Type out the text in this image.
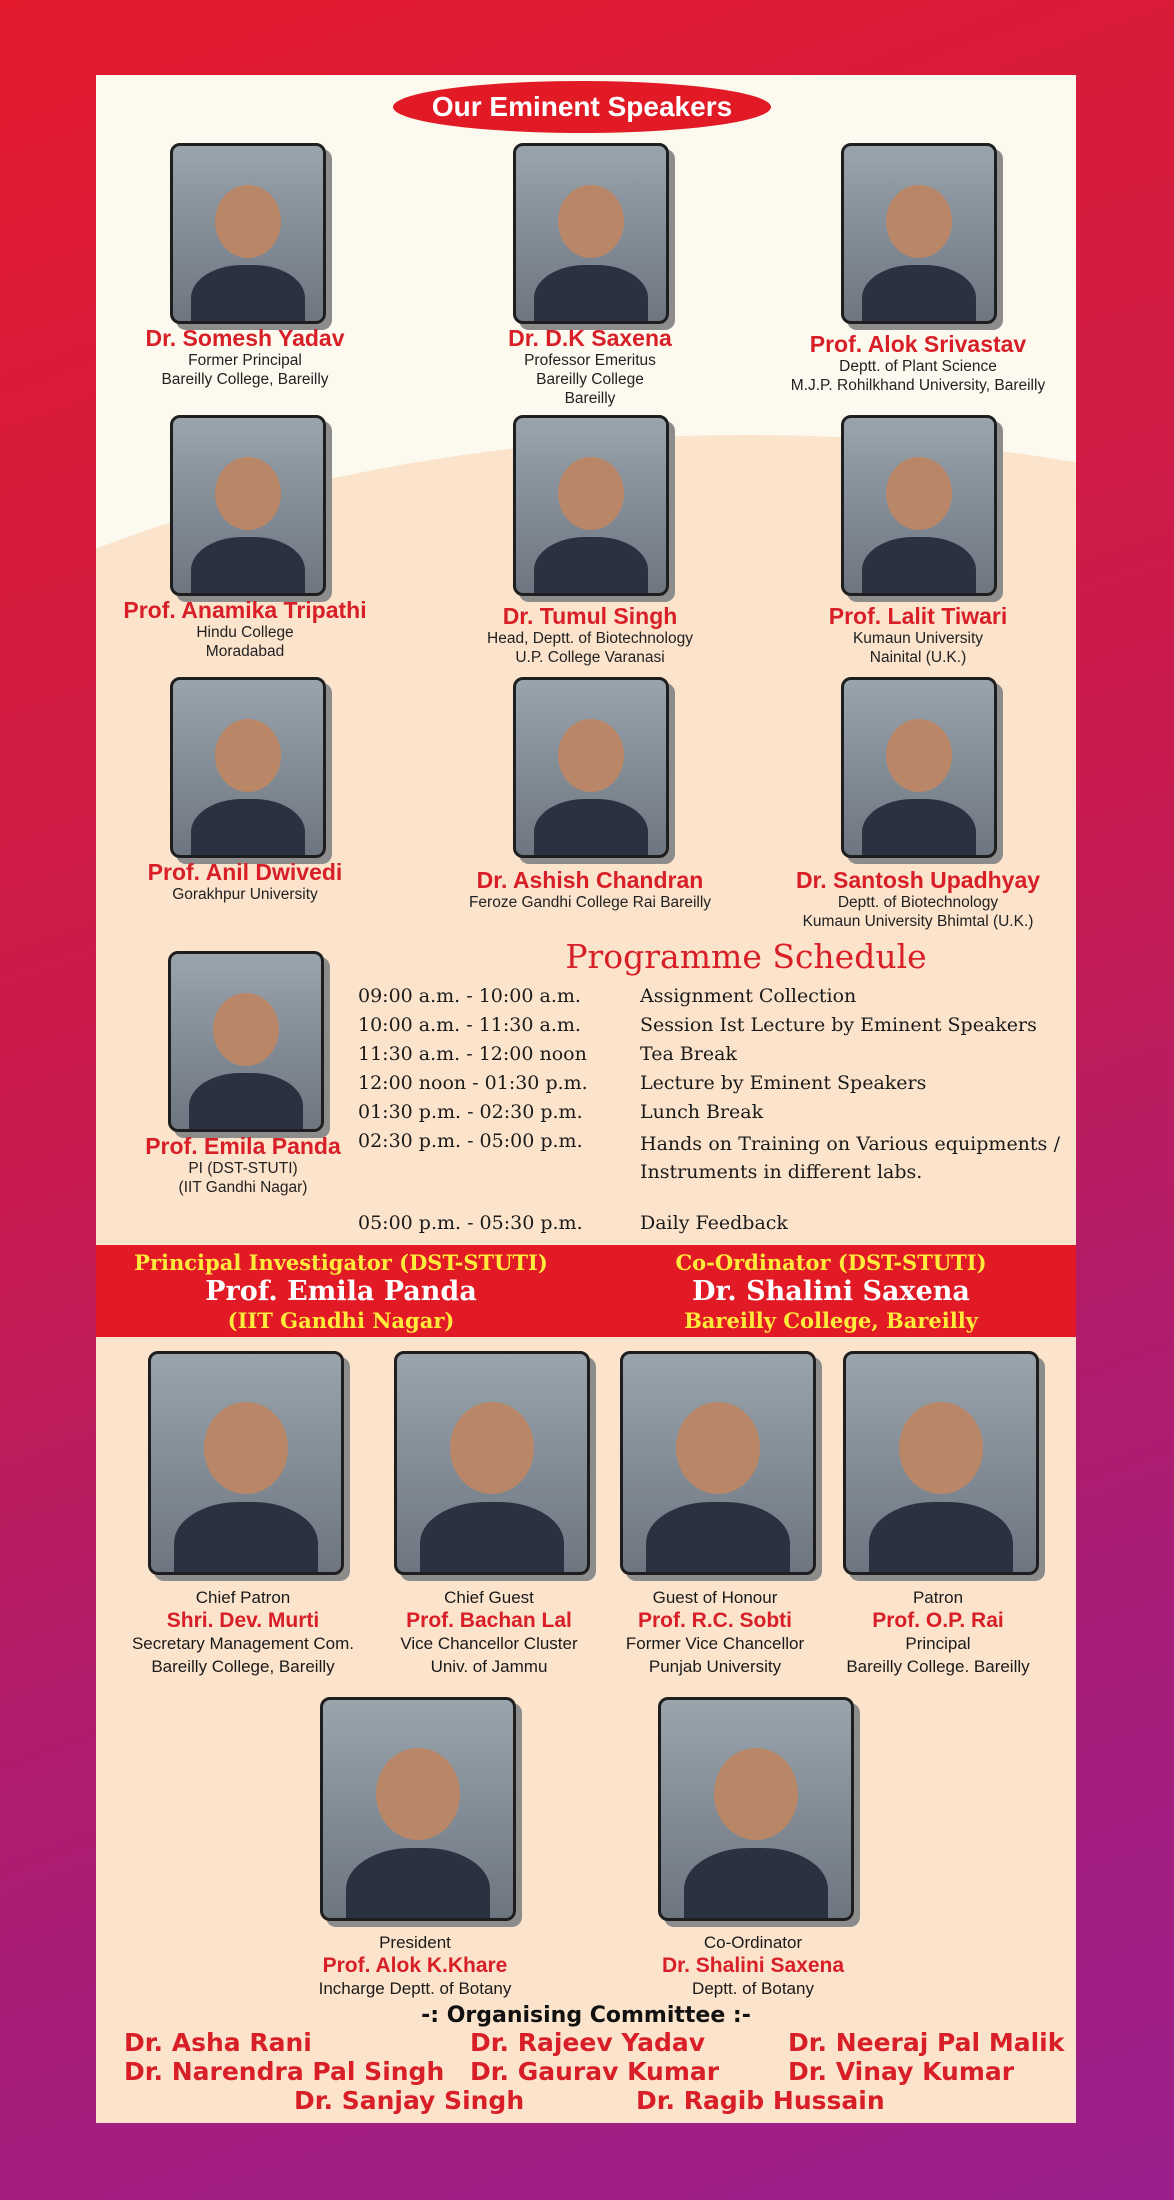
Our Eminent Speakers
Dr. Somesh Yadav
Former Principal
Bareilly College, Bareilly
Dr. D.K Saxena
Professor Emeritus
Bareilly College
Bareilly
Prof. Alok Srivastav
Deptt. of Plant Science
M.J.P. Rohilkhand University, Bareilly
Prof. Anamika Tripathi
Hindu College
Moradabad
Dr. Tumul Singh
Head, Deptt. of Biotechnology
U.P. College Varanasi
Prof. Lalit Tiwari
Kumaun University
Nainital (U.K.)
Prof. Anil Dwivedi
Gorakhpur University
Dr. Ashish Chandran
Feroze Gandhi College Rai Bareilly
Dr. Santosh Upadhyay
Deptt. of Biotechnology
Kumaun University Bhimtal (U.K.)
Prof. Emila Panda
PI (DST-STUTI)
(IIT Gandhi Nagar)
Programme Schedule
09:00 a.m. - 10:00 a.m.	Assignment Collection
10:00 a.m. - 11:30 a.m.	Session Ist Lecture by Eminent Speakers
11:30 a.m. - 12:00 noon	Tea Break
12:00 noon - 01:30 p.m.	Lecture by Eminent Speakers
01:30 p.m. - 02:30 p.m.	Lunch Break
02:30 p.m. - 05:00 p.m.	Hands on Training on Various equipments / Instruments in different labs.
05:00 p.m. - 05:30 p.m.	Daily Feedback
Principal Investigator (DST-STUTI)
Prof. Emila Panda
(IIT Gandhi Nagar)
Co-Ordinator (DST-STUTI)
Dr. Shalini Saxena
Bareilly College, Bareilly
Chief Patron
Shri. Dev. Murti
Secretary Management Com.
Bareilly College, Bareilly
Chief Guest
Prof. Bachan Lal
Vice Chancellor Cluster
Univ. of Jammu
Guest of Honour
Prof. R.C. Sobti
Former Vice Chancellor
Punjab University
Patron
Prof. O.P. Rai
Principal
Bareilly College. Bareilly
President
Prof. Alok K.Khare
Incharge Deptt. of Botany
Co-Ordinator
Dr. Shalini Saxena
Deptt. of Botany
-: Organising Committee :-
Dr. Asha Rani	Dr. Rajeev Yadav	Dr. Neeraj Pal Malik
Dr. Narendra Pal Singh Dr. Gaurav Kumar	Dr. Vinay Kumar
Dr. Sanjay Singh	Dr. Ragib Hussain
